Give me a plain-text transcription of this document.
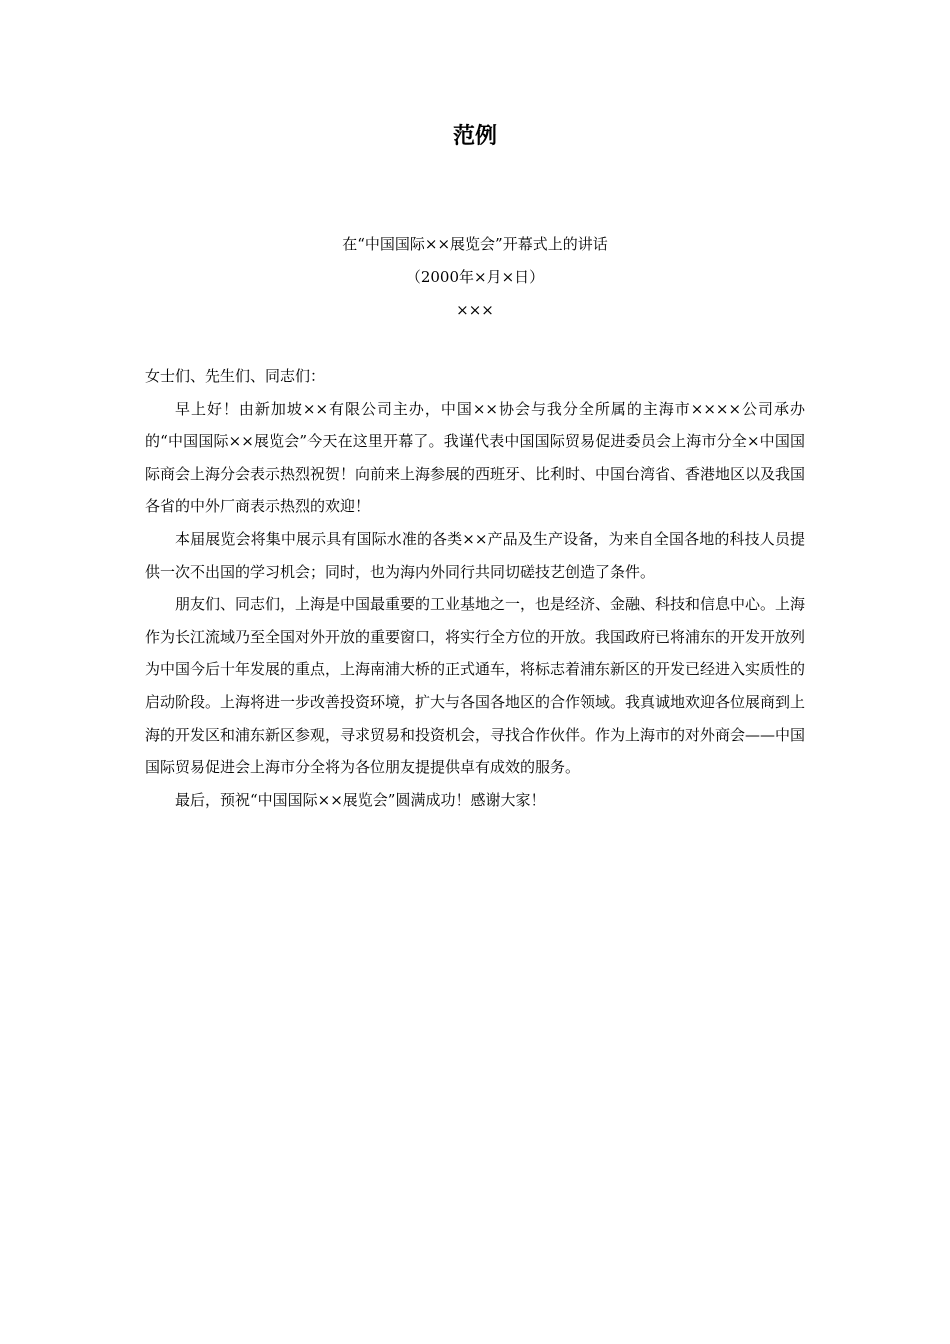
范例
在“中国国际××展览会”开幕式上的讲话
（2000年×月×日）
×××

女士们、先生们、同志们：

早上好！由新加坡××有限公司主办，中国××协会与我分全所属的主海市××××公司承办的“中国国际××展览会”今天在这里开幕了。我谨代表中国国际贸易促进委员会上海市分全×中国国际商会上海分会表示热烈祝贺！向前来上海参展的西班牙、比利时、中国台湾省、香港地区以及我国各省的中外厂商表示热烈的欢迎！

本届展览会将集中展示具有国际水准的各类××产品及生产设备，为来自全国各地的科技人员提供一次不出国的学习机会；同时，也为海内外同行共同切磋技艺创造了条件。

朋友们、同志们，上海是中国最重要的工业基地之一，也是经济、金融、科技和信息中心。上海作为长江流域乃至全国对外开放的重要窗口，将实行全方位的开放。我国政府已将浦东的开发开放列为中国今后十年发展的重点，上海南浦大桥的正式通车，将标志着浦东新区的开发已经进入实质性的启动阶段。上海将进一步改善投资环境，扩大与各国各地区的合作领域。我真诚地欢迎各位展商到上海的开发区和浦东新区参观，寻求贸易和投资机会，寻找合作伙伴。作为上海市的对外商会——中国国际贸易促进会上海市分全将为各位朋友提提供卓有成效的服务。

最后，预祝“中国国际××展览会”圆满成功！感谢大家！
